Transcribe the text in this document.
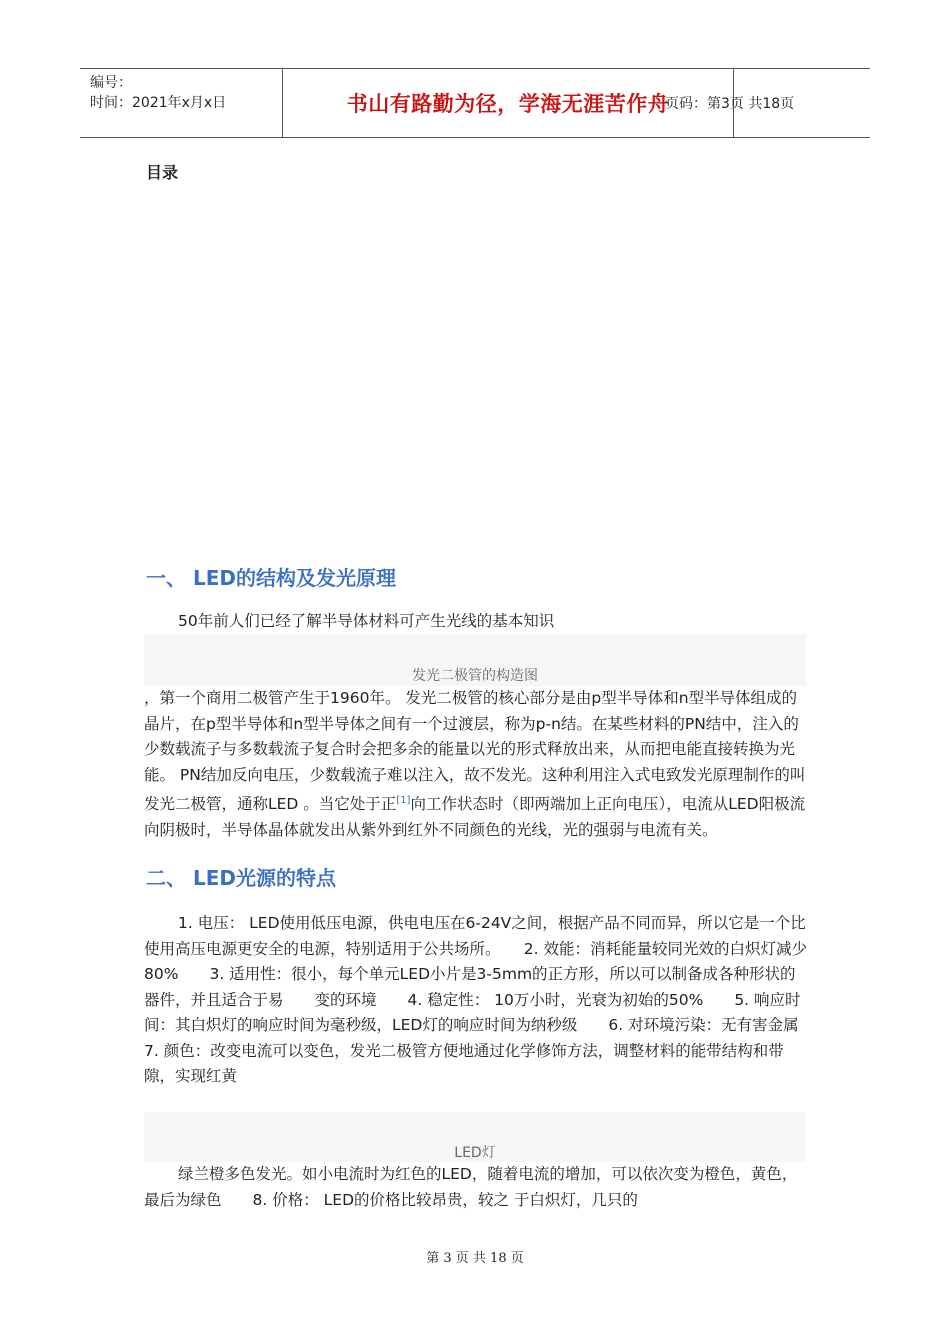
编号：
时间：2021年x月x日	书山有路勤为径，学海无涯苦作舟
页码：第3页 共18页
目录
一、 LED的结构及发光原理
50年前人们已经了解半导体材料可产生光线的基本知识
发光二极管的构造图
，第一个商用二极管产生于1960年。 发光二极管的核心部分是由p型半导体和n型半导体组成的晶片，在p型半导体和n型半导体之间有一个过渡层，称为p-n结。在某些材料的PN结中，注入的少数载流子与多数载流子复合时会把多余的能量以光的形式释放出来，从而把电能直接转换为光能。 PN结加反向电压，少数载流子难以注入，故不发光。这种利用注入式电致发光原理制作的叫发光二极管，通称LED 。当它处于正[1]向工作状态时（即两端加上正向电压），电流从LED阳极流向阴极时，半导体晶体就发出从紫外到红外不同颜色的光线，光的强弱与电流有关。
二、 LED光源的特点
1. 电压： LED使用低压电源，供电电压在6-24V之间，根据产品不同而异，所以它是一个比使用高压电源更安全的电源，特别适用于公共场所。　　2. 效能：消耗能量较同光效的白炽灯减少 80%　　3. 适用性：很小，每个单元LED小片是3-5mm的正方形，所以可以制备成各种形状的器件，并且适合于易　　变的环境　　4. 稳定性： 10万小时，光衰为初始的50%　　5. 响应时间：其白炽灯的响应时间为毫秒级，LED灯的响应时间为纳秒级　　6. 对环境污染：无有害金属　　7. 颜色：改变电流可以变色，发光二极管方便地通过化学修饰方法，调整材料的能带结构和带隙，实现红黄
LED灯
绿兰橙多色发光。如小电流时为红色的LED，随着电流的增加，可以依次变为橙色，黄色，最后为绿色　　8. 价格： LED的价格比较昂贵，较之 于白炽灯，几只的
第 3 页 共 18 页
